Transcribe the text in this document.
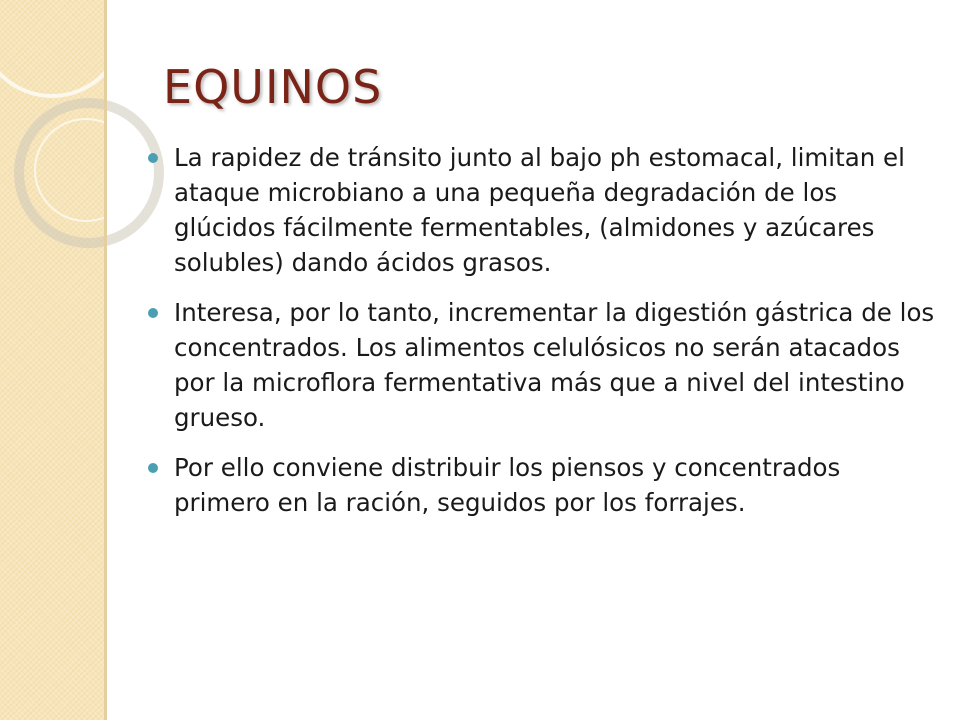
EQUINOS
La rapidez de tránsito junto al bajo ph estomacal, limitan el ataque microbiano a una pequeña degradación de los glúcidos fácilmente fermentables, (almidones y azúcares solubles) dando ácidos grasos.
Interesa, por lo tanto, incrementar la digestión gástrica de los concentrados. Los alimentos celulósicos no serán atacados por la microflora fermentativa más que a nivel del intestino grueso.
Por ello conviene distribuir los piensos y concentrados primero en la ración, seguidos por los forrajes.
